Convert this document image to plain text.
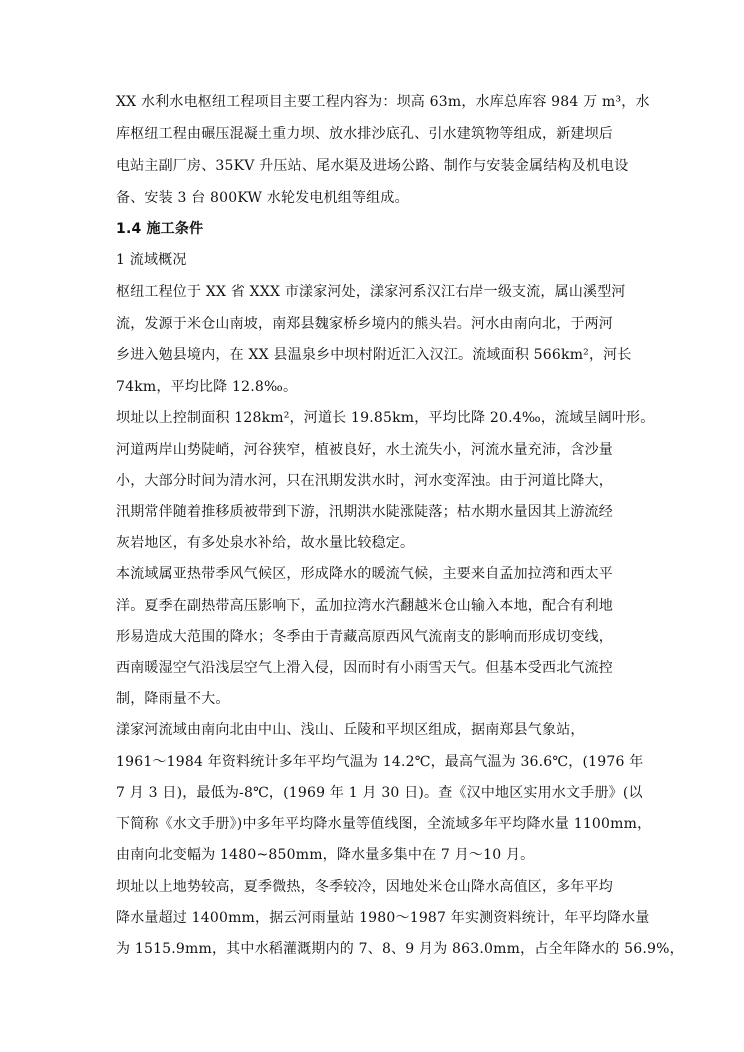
XX 水利水电枢纽工程项目主要工程内容为：坝高 63m，水库总库容 984 万 m³，水
库枢纽工程由碾压混凝土重力坝、放水排沙底孔、引水建筑物等组成，新建坝后
电站主副厂房、35KV 升压站、尾水渠及进场公路、制作与安装金属结构及机电设
备、安装 3 台 800KW 水轮发电机组等组成。
1.4 施工条件
1 流域概况
枢纽工程位于 XX 省 XXX 市漾家河处，漾家河系汉江右岸一级支流，属山溪型河
流，发源于米仓山南坡，南郑县魏家桥乡境内的熊头岩。河水由南向北，于两河
乡进入勉县境内，在 XX 县温泉乡中坝村附近汇入汉江。流域面积 566km²，河长
74km，平均比降 12.8‰。
坝址以上控制面积 128km²，河道长 19.85km，平均比降 20.4‰，流域呈阔叶形。
河道两岸山势陡峭，河谷狭窄，植被良好，水土流失小，河流水量充沛，含沙量
小，大部分时间为清水河，只在汛期发洪水时，河水变浑浊。由于河道比降大，
汛期常伴随着推移质被带到下游，汛期洪水陡涨陡落；枯水期水量因其上游流经
灰岩地区，有多处泉水补给，故水量比较稳定。
本流域属亚热带季风气候区，形成降水的暖流气候，主要来自孟加拉湾和西太平
洋。夏季在副热带高压影响下，孟加拉湾水汽翻越米仓山输入本地，配合有利地
形易造成大范围的降水；冬季由于青藏高原西风气流南支的影响而形成切变线，
西南暖湿空气沿浅层空气上滑入侵，因而时有小雨雪天气。但基本受西北气流控
制，降雨量不大。
漾家河流域由南向北由中山、浅山、丘陵和平坝区组成，据南郑县气象站，
1961～1984 年资料统计多年平均气温为 14.2℃，最高气温为 36.6℃，(1976 年
7 月 3 日)，最低为-8℃，(1969 年 1 月 30 日)。查《汉中地区实用水文手册》(以
下简称《水文手册》)中多年平均降水量等值线图，全流域多年平均降水量 1100mm，
由南向北变幅为 1480~850mm，降水量多集中在 7 月～10 月。
坝址以上地势较高，夏季微热，冬季较冷，因地处米仓山降水高值区，多年平均
降水量超过 1400mm，据云河雨量站 1980～1987 年实测资料统计，年平均降水量
为 1515.9mm，其中水稻灌溉期内的 7、8、9 月为 863.0mm，占全年降水的 56.9%，
